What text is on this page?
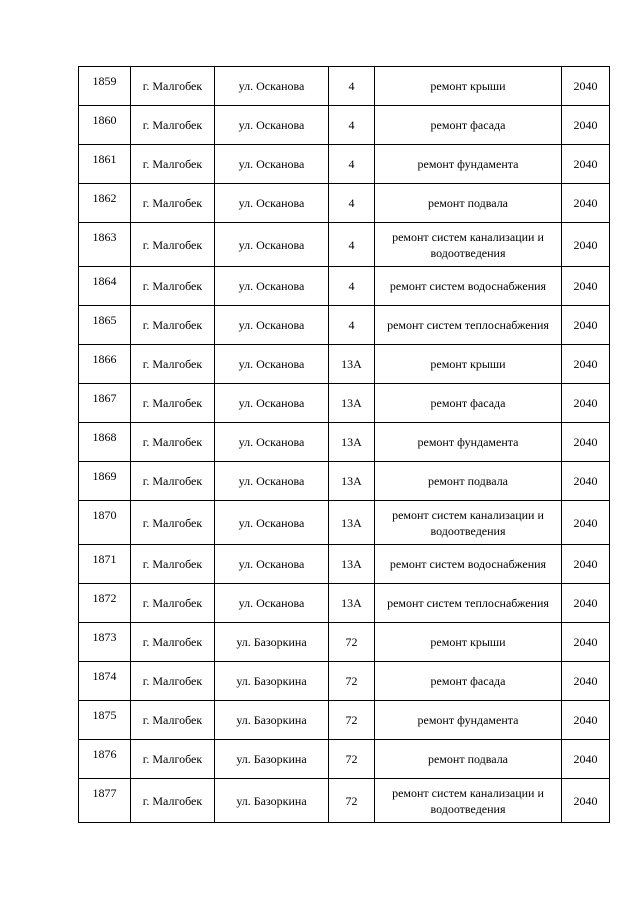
1859	г. Малгобек	ул. Осканова	4	ремонт крыши	2040
1860	г. Малгобек	ул. Осканова	4	ремонт фасада	2040
1861	г. Малгобек	ул. Осканова	4	ремонт фундамента	2040
1862	г. Малгобек	ул. Осканова	4	ремонт подвала	2040
1863	г. Малгобек	ул. Осканова	4	ремонт систем канализации и водоотведения	2040
1864	г. Малгобек	ул. Осканова	4	ремонт систем водоснабжения	2040
1865	г. Малгобек	ул. Осканова	4	ремонт систем теплоснабжения	2040
1866	г. Малгобек	ул. Осканова	13А	ремонт крыши	2040
1867	г. Малгобек	ул. Осканова	13А	ремонт фасада	2040
1868	г. Малгобек	ул. Осканова	13А	ремонт фундамента	2040
1869	г. Малгобек	ул. Осканова	13А	ремонт подвала	2040
1870	г. Малгобек	ул. Осканова	13А	ремонт систем канализации и водоотведения	2040
1871	г. Малгобек	ул. Осканова	13А	ремонт систем водоснабжения	2040
1872	г. Малгобек	ул. Осканова	13А	ремонт систем теплоснабжения	2040
1873	г. Малгобек	ул. Базоркина	72	ремонт крыши	2040
1874	г. Малгобек	ул. Базоркина	72	ремонт фасада	2040
1875	г. Малгобек	ул. Базоркина	72	ремонт фундамента	2040
1876	г. Малгобек	ул. Базоркина	72	ремонт подвала	2040
1877	г. Малгобек	ул. Базоркина	72	ремонт систем канализации и водоотведения	2040
